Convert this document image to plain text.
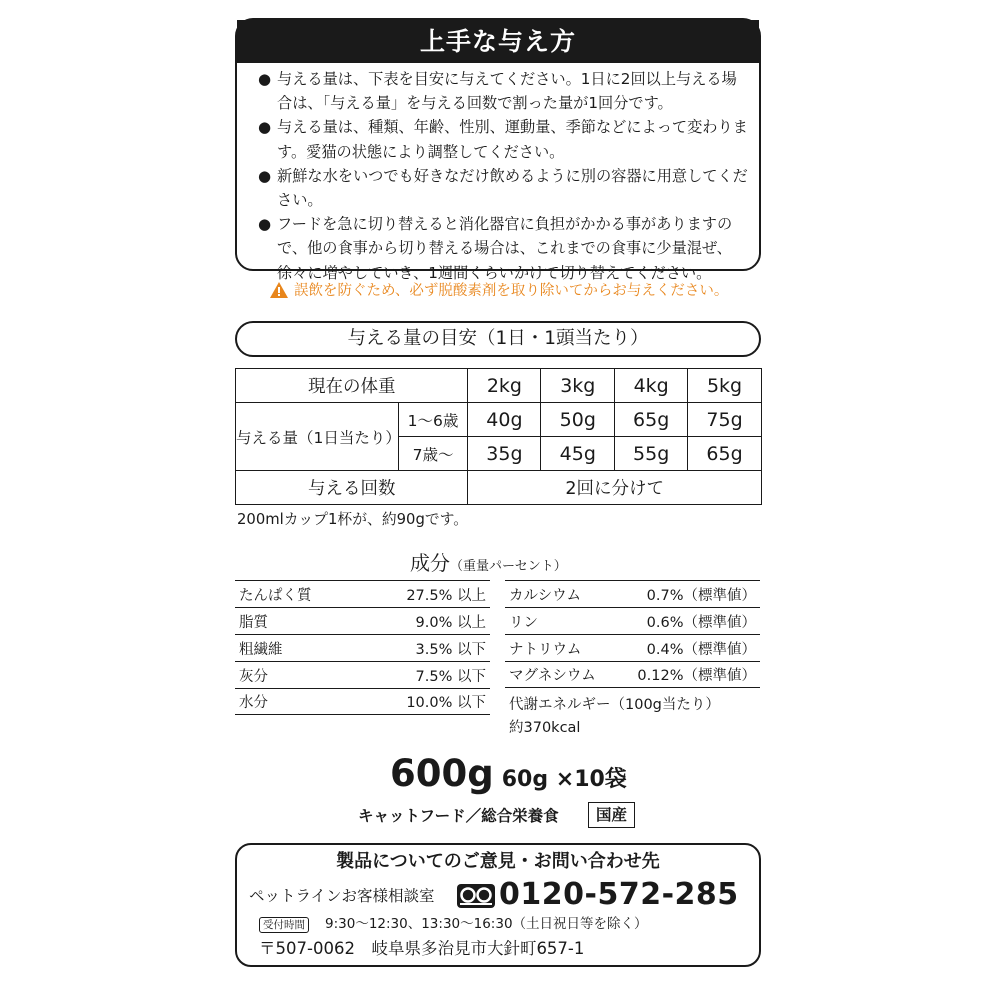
上手な与え方
● 与える量は、下表を目安に与えてください。1日に2回以上与える場合は、「与える量」を与える回数で割った量が1回分です。
● 与える量は、種類、年齢、性別、運動量、季節などによって変わります。愛猫の状態により調整してください。
● 新鮮な水をいつでも好きなだけ飲めるように別の容器に用意してください。
● フードを急に切り替えると消化器官に負担がかかる事がありますので、他の食事から切り替える場合は、これまでの食事に少量混ぜ、徐々に増やしていき、1週間くらいかけて切り替えてください。
誤飲を防ぐため、必ず脱酸素剤を取り除いてからお与えください。
与える量の目安（1日・1頭当たり）
現在の体重		2kg	3kg	4kg	5kg
与える量（1日当たり）	1〜6歳	40g	50g	65g	75g
	7歳〜	35g	45g	55g	65g
与える回数		2回に分けて			
200mlカップ1杯が、約90gです。
成分（重量パーセント）
たんぱく質	27.5% 以上
脂質	9.0% 以上
粗繊維	3.5% 以下
灰分	7.5% 以下
水分	10.0% 以下
カルシウム	0.7%（標準値）
リン	0.6%（標準値）
ナトリウム	0.4%（標準値）
マグネシウム	0.12%（標準値）
代謝エネルギー（100g当たり）
約370kcal
600g 60g ×10袋
キャットフード／総合栄養食	国産
製品についてのご意見・お問い合わせ先
ペットラインお客様相談室 0120-572-285
受付時間 9:30〜12:30、13:30〜16:30（土日祝日等を除く）
〒507-0062　岐阜県多治見市大針町657-1
